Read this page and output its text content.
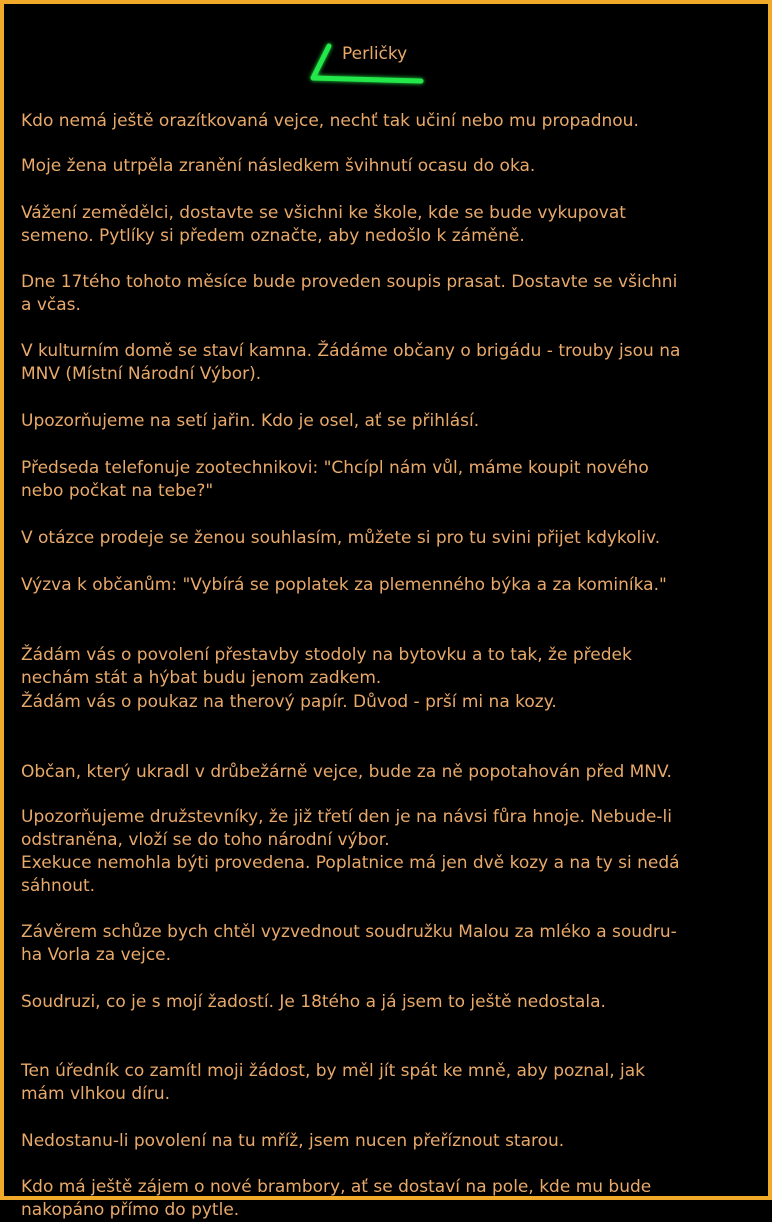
Perličky
Kdo nemá ještě orazítkovaná vejce, nechť tak učiní nebo mu propadnou.
Moje žena utrpěla zranění následkem švihnutí ocasu do oka.
Vážení zemědělci, dostavte se všichni ke škole, kde se bude vykupovat
semeno. Pytlíky si předem označte, aby nedošlo k záměně.
Dne 17tého tohoto měsíce bude proveden soupis prasat. Dostavte se všichni
a včas.
V kulturním domě se staví kamna. Žádáme občany o brigádu - trouby jsou na
MNV (Místní Národní Výbor).
Upozorňujeme na setí jařin. Kdo je osel, ať se přihlásí.
Předseda telefonuje zootechnikovi: "Chcípl nám vůl, máme koupit nového
nebo počkat na tebe?"
V otázce prodeje se ženou souhlasím, můžete si pro tu svini přijet kdykoliv.
Výzva k občanům: "Vybírá se poplatek za plemenného býka a za kominíka."
Žádám vás o povolení přestavby stodoly na bytovku a to tak, že předek
nechám stát a hýbat budu jenom zadkem.
Žádám vás o poukaz na therový papír. Důvod - prší mi na kozy.
Občan, který ukradl v drůbežárně vejce, bude za ně popotahován před MNV.
Upozorňujeme družstevníky, že již třetí den je na návsi fůra hnoje. Nebude-li
odstraněna, vloží se do toho národní výbor.
Exekuce nemohla býti provedena. Poplatnice má jen dvě kozy a na ty si nedá
sáhnout.
Závěrem schůze bych chtěl vyzvednout soudružku Malou za mléko a soudru-
ha Vorla za vejce.
Soudruzi, co je s mojí žadostí. Je 18tého a já jsem to ještě nedostala.
Ten úředník co zamítl moji žádost, by měl jít spát ke mně, aby poznal, jak
mám vlhkou díru.
Nedostanu-li povolení na tu mříž, jsem nucen přeříznout starou.
Kdo má ještě zájem o nové brambory, ať se dostaví na pole, kde mu bude
nakopáno přímo do pytle.
